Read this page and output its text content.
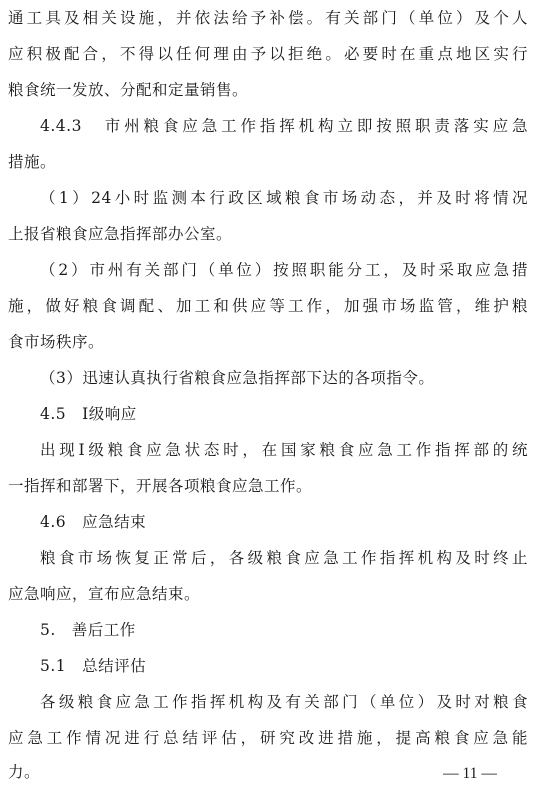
通工具及相关设施，并依法给予补偿。有关部门（单位）及个人
应积极配合，不得以任何理由予以拒绝。必要时在重点地区实行
粮食统一发放、分配和定量销售。
4.4.3　市州粮食应急工作指挥机构立即按照职责落实应急
措施。
（1）24小时监测本行政区域粮食市场动态，并及时将情况
上报省粮食应急指挥部办公室。
（2）市州有关部门（单位）按照职能分工，及时采取应急措
施，做好粮食调配、加工和供应等工作，加强市场监管，维护粮
食市场秩序。
（3）迅速认真执行省粮食应急指挥部下达的各项指令。
4.5　Ⅰ级响应
出现Ⅰ级粮食应急状态时，在国家粮食应急工作指挥部的统
一指挥和部署下，开展各项粮食应急工作。
4.6　应急结束
粮食市场恢复正常后，各级粮食应急工作指挥机构及时终止
应急响应，宣布应急结束。
5.　善后工作
5.1　总结评估
各级粮食应急工作指挥机构及有关部门（单位）及时对粮食
应急工作情况进行总结评估，研究改进措施，提高粮食应急能
力。	— 11 —
